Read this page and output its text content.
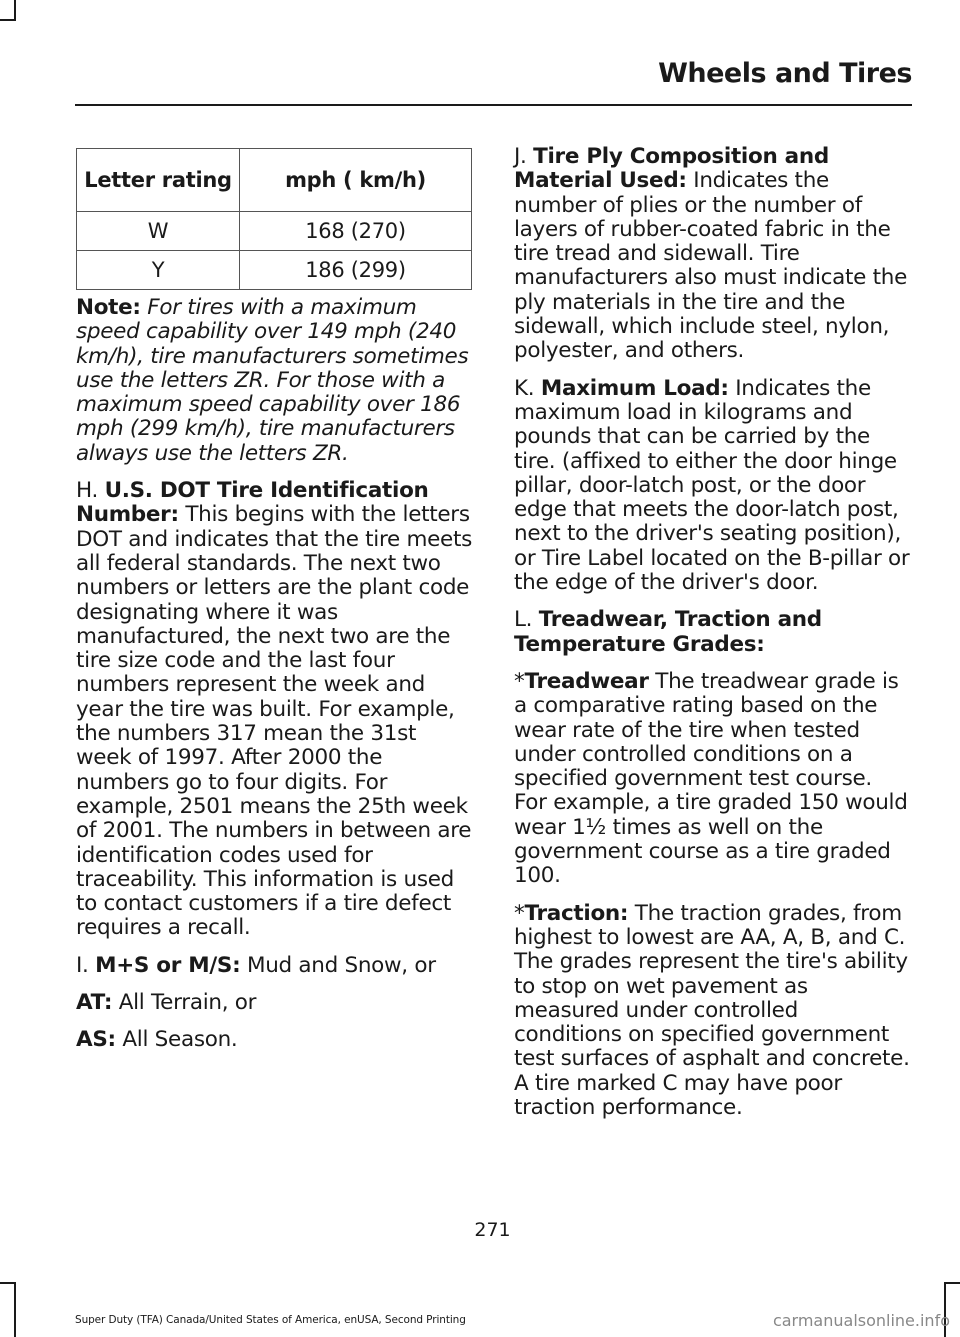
Wheels and Tires
Letter rating	mph ( km/h)
W	168 (270)
Y	186 (299)

Note: For tires with a maximum speed capability over 149 mph (240 km/h), tire manufacturers sometimes use the letters ZR. For those with a maximum speed capability over 186 mph (299 km/h), tire manufacturers always use the letters ZR.

H. U.S. DOT Tire Identification Number: This begins with the letters DOT and indicates that the tire meets all federal standards. The next two numbers or letters are the plant code designating where it was manufactured, the next two are the tire size code and the last four numbers represent the week and year the tire was built. For example, the numbers 317 mean the 31st week of 1997. After 2000 the numbers go to four digits. For example, 2501 means the 25th week of 2001. The numbers in between are identification codes used for traceability. This information is used to contact customers if a tire defect requires a recall.

I. M+S or M/S: Mud and Snow, or

AT: All Terrain, or

AS: All Season.

J. Tire Ply Composition and Material Used: Indicates the number of plies or the number of layers of rubber-coated fabric in the tire tread and sidewall. Tire manufacturers also must indicate the ply materials in the tire and the sidewall, which include steel, nylon, polyester, and others.

K. Maximum Load: Indicates the maximum load in kilograms and pounds that can be carried by the tire. (affixed to either the door hinge pillar, door-latch post, or the door edge that meets the door-latch post, next to the driver's seating position), or Tire Label located on the B-pillar or the edge of the driver's door.

L. Treadwear, Traction and Temperature Grades:

*Treadwear The treadwear grade is a comparative rating based on the wear rate of the tire when tested under controlled conditions on a specified government test course. For example, a tire graded 150 would wear 1½ times as well on the government course as a tire graded 100.

*Traction: The traction grades, from highest to lowest are AA, A, B, and C. The grades represent the tire's ability to stop on wet pavement as measured under controlled conditions on specified government test surfaces of asphalt and concrete. A tire marked C may have poor traction performance.

271
Super Duty (TFA) Canada/United States of America, enUSA, Second Printing	carmanualsonline.info
